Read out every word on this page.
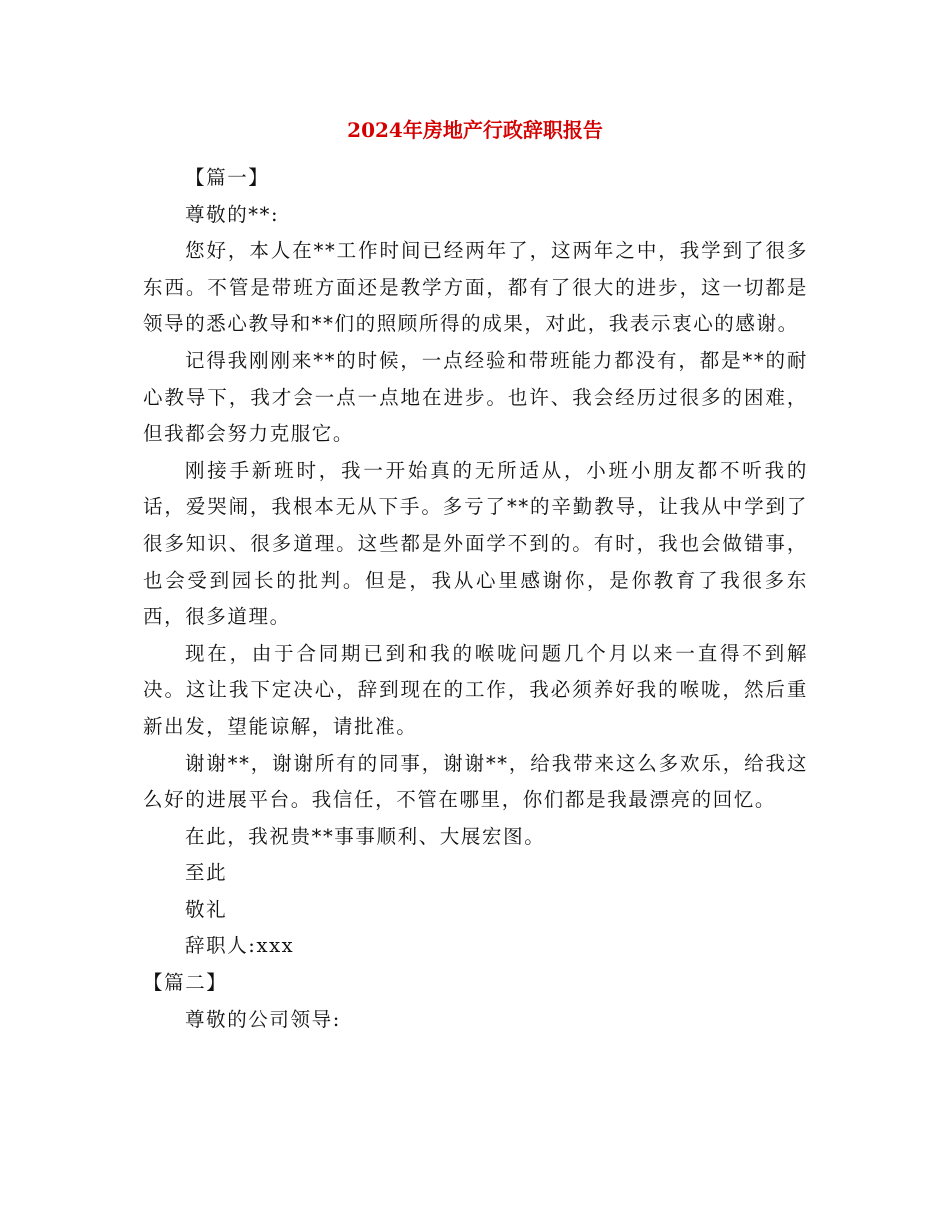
2024年房地产行政辞职报告

【篇一】

尊敬的**:

您好，本人在**工作时间已经两年了，这两年之中，我学到了很多东西。不管是带班方面还是教学方面，都有了很大的进步，这一切都是领导的悉心教导和**们的照顾所得的成果，对此，我表示衷心的感谢。

记得我刚刚来**的时候，一点经验和带班能力都没有，都是**的耐心教导下，我才会一点一点地在进步。也许、我会经历过很多的困难，但我都会努力克服它。

刚接手新班时，我一开始真的无所适从，小班小朋友都不听我的话，爱哭闹，我根本无从下手。多亏了**的辛勤教导，让我从中学到了很多知识、很多道理。这些都是外面学不到的。有时，我也会做错事，也会受到园长的批判。但是，我从心里感谢你，是你教育了我很多东西，很多道理。

现在，由于合同期已到和我的喉咙问题几个月以来一直得不到解决。这让我下定决心，辞到现在的工作，我必须养好我的喉咙，然后重新出发，望能谅解，请批准。

谢谢**，谢谢所有的同事，谢谢**，给我带来这么多欢乐，给我这么好的进展平台。我信任，不管在哪里，你们都是我最漂亮的回忆。

在此，我祝贵**事事顺利、大展宏图。

至此

敬礼

辞职人:xxx

【篇二】

尊敬的公司领导:
